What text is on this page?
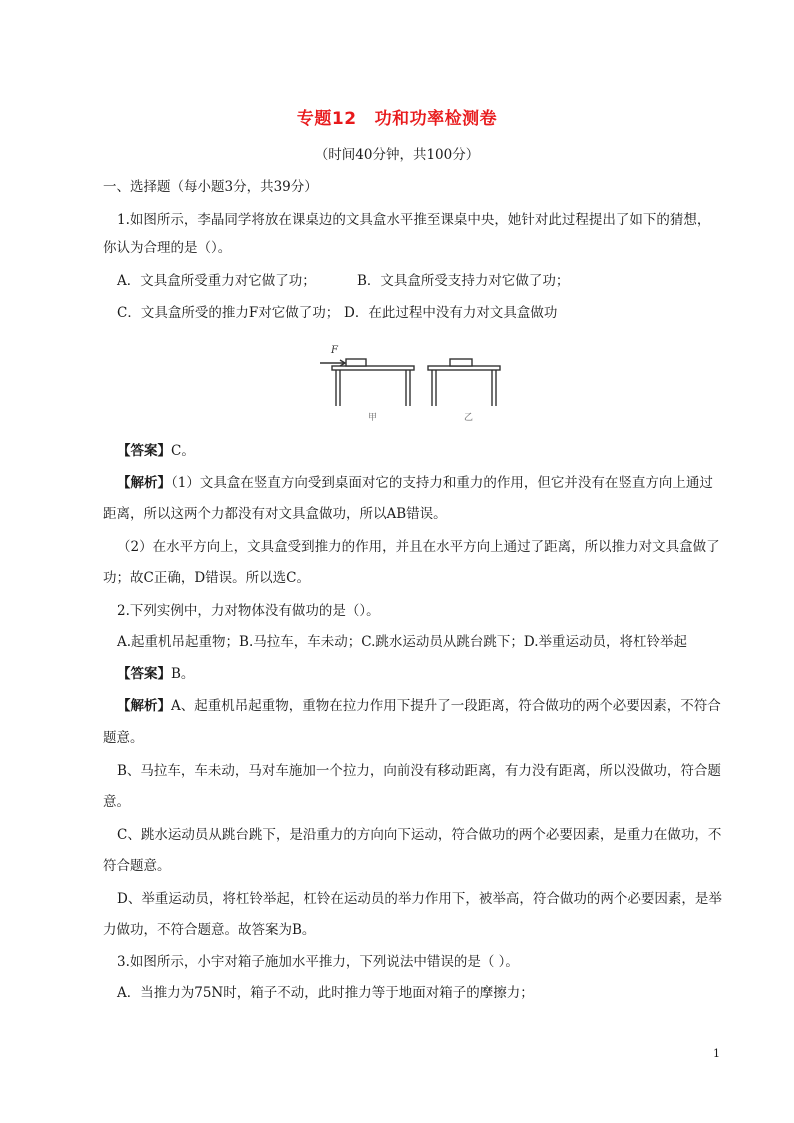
专题12 功和功率检测卷
（时间40分钟，共100分）
一、选择题（每小题3分，共39分）
1.如图所示，李晶同学将放在课桌边的文具盒水平推至课桌中央，她针对此过程提出了如下的猜想，
你认为合理的是（）。
A．文具盒所受重力对它做了功；	B．文具盒所受支持力对它做了功；
C．文具盒所受的推力F对它做了功； D．在此过程中没有力对文具盒做功
F
甲	乙
【答案】C。
【解析】（1）文具盒在竖直方向受到桌面对它的支持力和重力的作用，但它并没有在竖直方向上通过
距离，所以这两个力都没有对文具盒做功，所以AB错误。
（2）在水平方向上，文具盒受到推力的作用，并且在水平方向上通过了距离，所以推力对文具盒做了
功；故C正确，D错误。所以选C。
2.下列实例中，力对物体没有做功的是（）。
A.起重机吊起重物；B.马拉车，车未动；C.跳水运动员从跳台跳下；D.举重运动员，将杠铃举起
【答案】B。
【解析】A、起重机吊起重物，重物在拉力作用下提升了一段距离，符合做功的两个必要因素，不符合
题意。
B、马拉车，车未动，马对车施加一个拉力，向前没有移动距离，有力没有距离，所以没做功，符合题
意。
C、跳水运动员从跳台跳下，是沿重力的方向向下运动，符合做功的两个必要因素，是重力在做功，不
符合题意。
D、举重运动员，将杠铃举起，杠铃在运动员的举力作用下，被举高，符合做功的两个必要因素，是举
力做功，不符合题意。故答案为B。
3.如图所示，小宇对箱子施加水平推力，下列说法中错误的是（ ）。
A．当推力为75N时，箱子不动，此时推力等于地面对箱子的摩擦力；
1
